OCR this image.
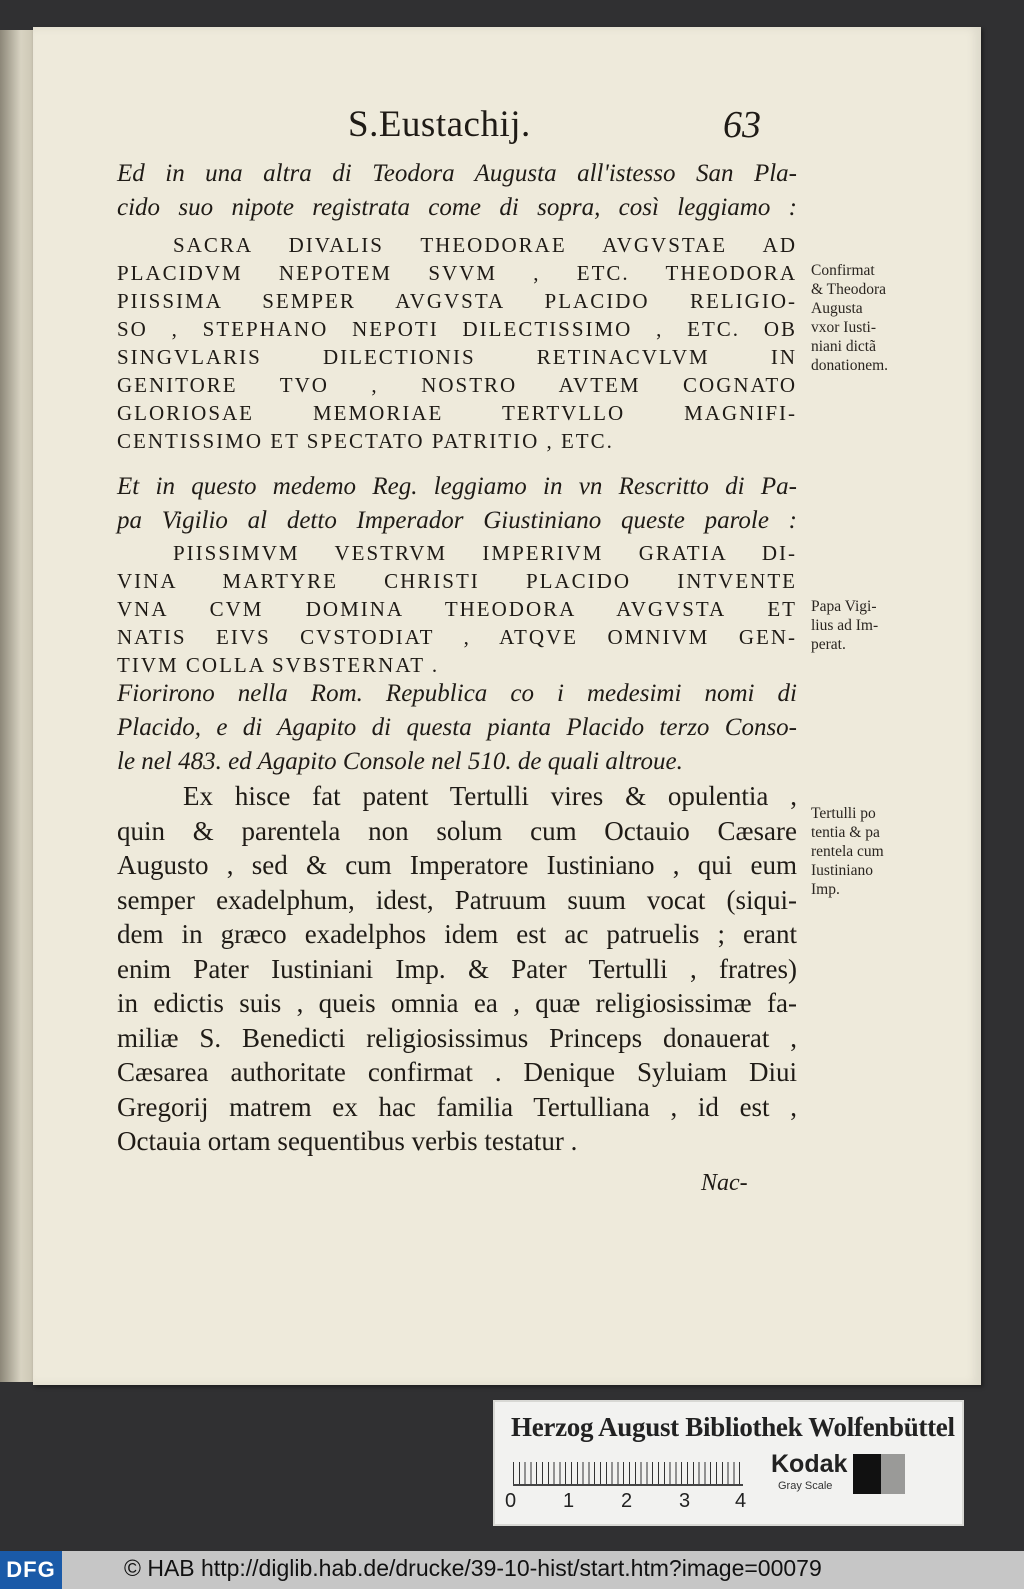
S.Eustachij.	63
Ed in una altra di Teodora Augusta all'istesso San Pla-
cido suo nipote registrata come di sopra, così leggiamo :
SACRA DIVALIS THEODORAE AVGVSTAE AD
PLACIDVM NEPOTEM SVVM , ETC. THEODORA
PIISSIMA SEMPER AVGVSTA PLACIDO RELIGIO-
SO , STEPHANO NEPOTI DILECTISSIMO , ETC. OB
SINGVLARIS DILECTIONIS RETINACVLVM IN
GENITORE TVO , NOSTRO AVTEM COGNATO
GLORIOSAE MEMORIAE TERTVLLO MAGNIFI-
CENTISSIMO ET SPECTATO PATRITIO , ETC.
Et in questo medemo Reg. leggiamo in vn Rescritto di Pa-
pa Vigilio al detto Imperador Giustiniano queste parole :
PIISSIMVM VESTRVM IMPERIVM GRATIA DI-
VINA MARTYRE CHRISTI PLACIDO INTVENTE
VNA CVM DOMINA THEODORA AVGVSTA ET
NATIS EIVS CVSTODIAT , ATQVE OMNIVM GEN-
TIVM COLLA SVBSTERNAT .
Fiorirono nella Rom. Republica co i medesimi nomi di
Placido, e di Agapito di questa pianta Placido terzo Conso-
le nel 483. ed Agapito Console nel 510. de quali altroue.
Ex hisce fat patent Tertulli vires & opulentia ,
quin & parentela non solum cum Octauio Cæsare
Augusto , sed & cum Imperatore Iustiniano , qui eum
semper exadelphum, idest, Patruum suum vocat (siqui-
dem in græco exadelphos idem est ac patruelis ; erant
enim Pater Iustiniani Imp. & Pater Tertulli , fratres)
in edictis suis , queis omnia ea , quæ religiosissimæ fa-
miliæ S. Benedicti religiosissimus Princeps donauerat ,
Cæsarea authoritate confirmat . Denique Syluiam Diui
Gregorij matrem ex hac familia Tertulliana , id est ,
Octauia ortam sequentibus verbis testatur .
Confirmat
& Theodora
Augusta
vxor Iusti-
niani dictã
donationem.
Papa Vigi-
lius ad Im-
perat.
Tertulli po
tentia & pa
rentela cum
Iustiniano
Imp.
Nac-
Herzog August Bibliothek Wolfenbüttel
0 1 2 3 4
Kodak
Gray Scale
DFG	© HAB http://diglib.hab.de/drucke/39-10-hist/start.htm?image=00079
